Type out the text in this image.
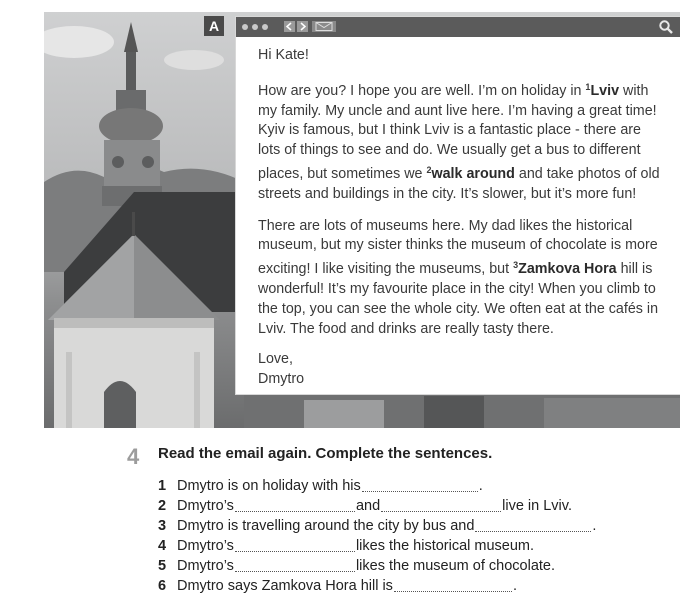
A

Hi Kate!

How are you? I hope you are well. I’m on holiday in $^1$Lviv with my family. My uncle and aunt live here. I’m having a great time! Kyiv is famous, but I think Lviv is a fantastic place - there are lots of things to see and do. We usually get a bus to different places, but sometimes we $^2$walk around and take photos of old streets and buildings in the city. It’s slower, but it’s more fun!

There are lots of museums here. My dad likes the historical museum, but my sister thinks the museum of chocolate is more exciting! I like visiting the museums, but $^3$Zamkova Hora hill is wonderful! It’s my favourite place in the city! When you climb to the top, you can see the whole city. We often eat at the cafés in Lviv. The food and drinks are really tasty there.

Love,
Dmytro
4 Read the email again. Complete the sentences.
1 Dmytro is on holiday with his	.
2 Dmytro’s	and	live in Lviv.
3 Dmytro is travelling around the city by bus and	.
4 Dmytro’s	likes the historical museum.
5 Dmytro’s	likes the museum of chocolate.
6 Dmytro says Zamkova Hora hill is	.
